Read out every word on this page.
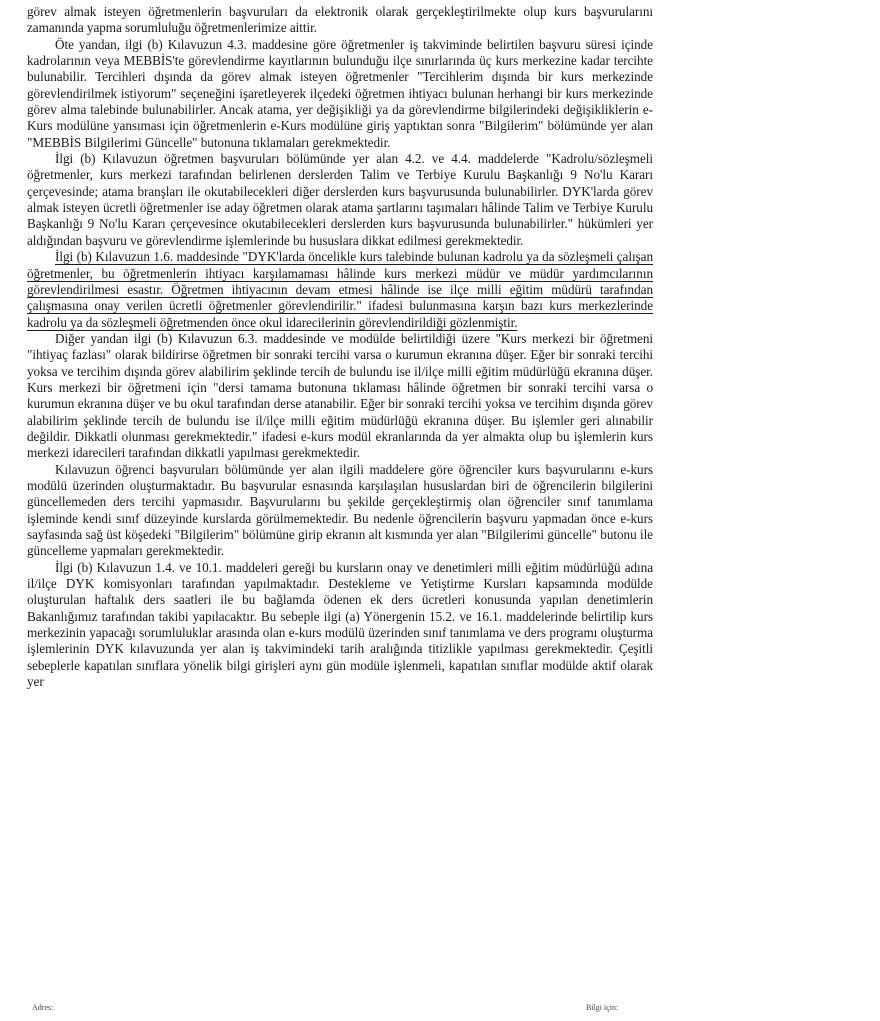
görev almak isteyen öğretmenlerin başvuruları da elektronik olarak gerçekleştirilmekte olup kurs başvurularını zamanında yapma sorumluluğu öğretmenlerimize aittir.

Öte yandan, ilgi (b) Kılavuzun 4.3. maddesine göre öğretmenler iş takviminde belirtilen başvuru süresi içinde kadrolarının veya MEBBİS'te görevlendirme kayıtlarının bulunduğu ilçe sınırlarında üç kurs merkezine kadar tercihte bulunabilir. Tercihleri dışında da görev almak isteyen öğretmenler "Tercihlerim dışında bir kurs merkezinde görevlendirilmek istiyorum" seçeneğini işaretleyerek ilçedeki öğretmen ihtiyacı bulunan herhangi bir kurs merkezinde görev alma talebinde bulunabilirler. Ancak atama, yer değişikliği ya da görevlendirme bilgilerindeki değişikliklerin e-Kurs modülüne yansıması için öğretmenlerin e-Kurs modülüne giriş yaptıktan sonra "Bilgilerim" bölümünde yer alan "MEBBİS Bilgilerimi Güncelle" butonuna tıklamaları gerekmektedir.

İlgi (b) Kılavuzun öğretmen başvuruları bölümünde yer alan 4.2. ve 4.4. maddelerde "Kadrolu/sözleşmeli öğretmenler, kurs merkezi tarafından belirlenen derslerden Talim ve Terbiye Kurulu Başkanlığı 9 No'lu Kararı çerçevesinde; atama branşları ile okutabilecekleri diğer derslerden kurs başvurusunda bulunabilirler. DYK'larda görev almak isteyen ücretli öğretmenler ise aday öğretmen olarak atama şartlarını taşımaları hâlinde Talim ve Terbiye Kurulu Başkanlığı 9 No'lu Kararı çerçevesince okutabilecekleri derslerden kurs başvurusunda bulunabilirler." hükümleri yer aldığından başvuru ve görevlendirme işlemlerinde bu hususlara dikkat edilmesi gerekmektedir.

İlgi (b) Kılavuzun 1.6. maddesinde "DYK'larda öncelikle kurs talebinde bulunan kadrolu ya da sözleşmeli çalışan öğretmenler, bu öğretmenlerin ihtiyacı karşılamaması hâlinde kurs merkezi müdür ve müdür yardımcılarının görevlendirilmesi esastır. Öğretmen ihtiyacının devam etmesi hâlinde ise ilçe milli eğitim müdürü tarafından çalışmasına onay verilen ücretli öğretmenler görevlendirilir." ifadesi bulunmasına karşın bazı kurs merkezlerinde kadrolu ya da sözleşmeli öğretmenden önce okul idarecilerinin görevlendirildiği gözlenmiştir.

Diğer yandan ilgi (b) Kılavuzun 6.3. maddesinde ve modülde belirtildiği üzere "Kurs merkezi bir öğretmeni "ihtiyaç fazlası" olarak bildirirse öğretmen bir sonraki tercihi varsa o kurumun ekranına düşer. Eğer bir sonraki tercihi yoksa ve tercihim dışında görev alabilirim şeklinde tercih de bulundu ise il/ilçe milli eğitim müdürlüğü ekranına düşer. Kurs merkezi bir öğretmeni için "dersi tamama butonuna tıklaması hâlinde öğretmen bir sonraki tercihi varsa o kurumun ekranına düşer ve bu okul tarafından derse atanabilir. Eğer bir sonraki tercihi yoksa ve tercihim dışında görev alabilirim şeklinde tercih de bulundu ise il/ilçe milli eğitim müdürlüğü ekranına düşer. Bu işlemler geri alınabilir değildir. Dikkatli olunması gerekmektedir." ifadesi e-kurs modül ekranlarında da yer almakta olup bu işlemlerin kurs merkezi idarecileri tarafından dikkatli yapılması gerekmektedir.

Kılavuzun öğrenci başvuruları bölümünde yer alan ilgili maddelere göre öğrenciler kurs başvurularını e-kurs modülü üzerinden oluşturmaktadır. Bu başvurular esnasında karşılaşılan hususlardan biri de öğrencilerin bilgilerini güncellemeden ders tercihi yapmasıdır. Başvurularını bu şekilde gerçekleştirmiş olan öğrenciler sınıf tanımlama işleminde kendi sınıf düzeyinde kurslarda görülmemektedir. Bu nedenle öğrencilerin başvuru yapmadan önce e-kurs sayfasında sağ üst köşedeki "Bilgilerim" bölümüne girip ekranın alt kısmında yer alan "Bilgilerimi güncelle" butonu ile güncelleme yapmaları gerekmektedir.

İlgi (b) Kılavuzun 1.4. ve 10.1. maddeleri gereği bu kursların onay ve denetimleri milli eğitim müdürlüğü adına il/ilçe DYK komisyonları tarafından yapılmaktadır. Destekleme ve Yetiştirme Kursları kapsamında modülde oluşturulan haftalık ders saatleri ile bu bağlamda ödenen ek ders ücretleri konusunda yapılan denetimlerin Bakanlığımız tarafından takibi yapılacaktır. Bu sebeple ilgi (a) Yönergenin 15.2. ve 16.1. maddelerinde belirtilip kurs merkezinin yapacağı sorumluluklar arasında olan e-kurs modülü üzerinden sınıf tanımlama ve ders programı oluşturma işlemlerinin DYK kılavuzunda yer alan iş takvimindeki tarih aralığında titizlikle yapılması gerekmektedir. Çeşitli sebeplerle kapatılan sınıflara yönelik bilgi girişleri aynı gün modüle işlenmeli, kapatılan sınıflar modülde aktif olarak yer

Adres:	Bilgi için:
